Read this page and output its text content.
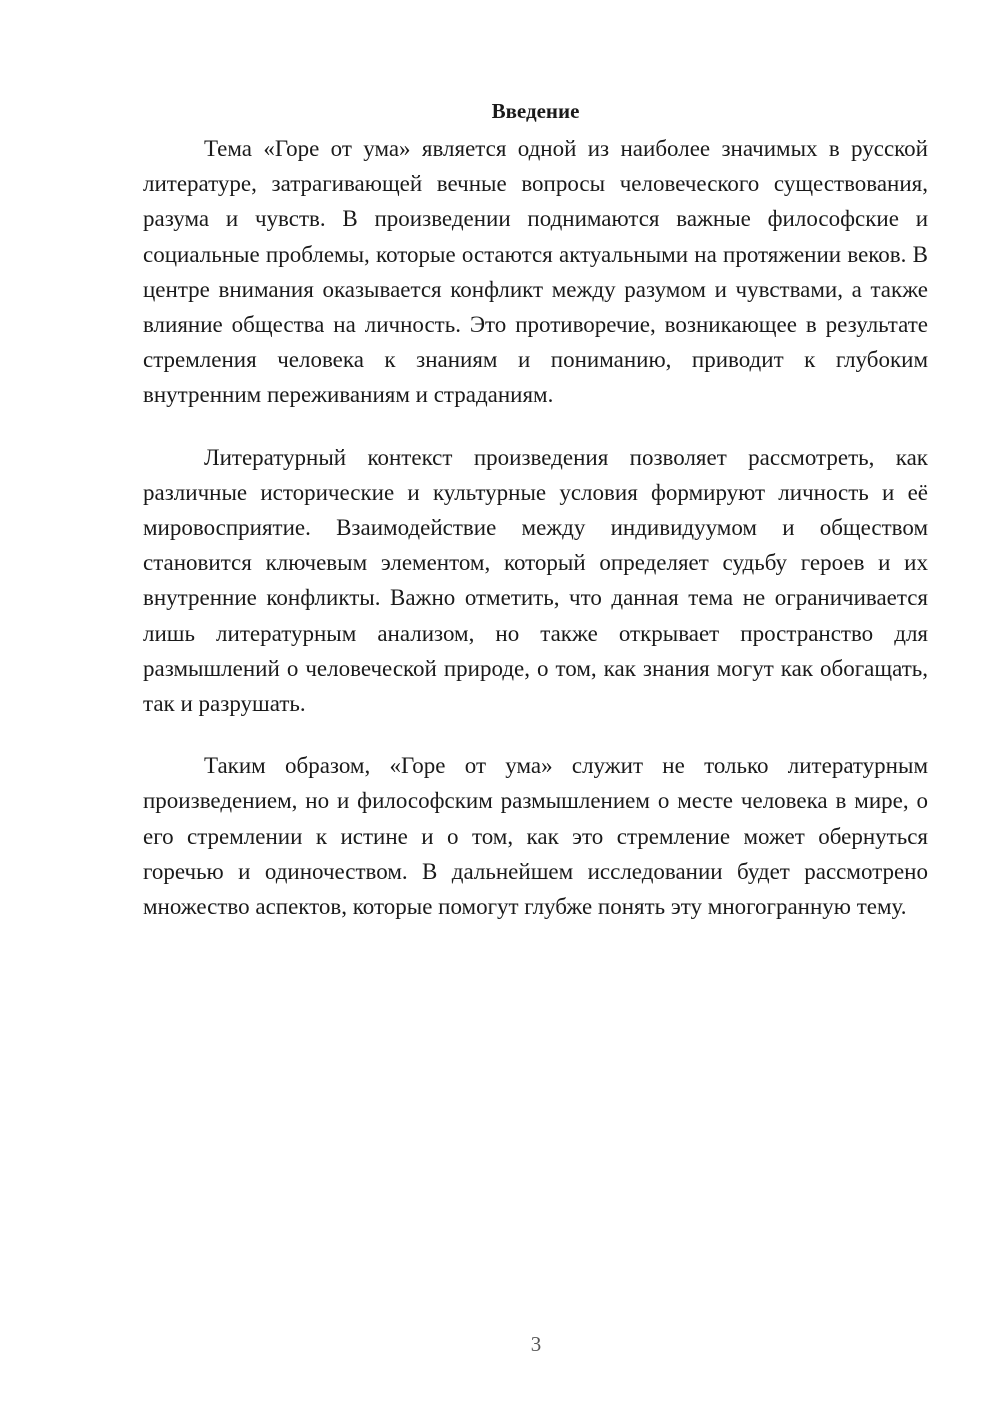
Введение

Тема «Горе от ума» является одной из наиболее значимых в русской литературе, затрагивающей вечные вопросы человеческого существования, разума и чувств. В произведении поднимаются важные философские и социальные проблемы, которые остаются актуальными на протяжении веков. В центре внимания оказывается конфликт между разумом и чувствами, а также влияние общества на личность. Это противоречие, возникающее в результате стремления человека к знаниям и пониманию, приводит к глубоким внутренним переживаниям и страданиям.

Литературный контекст произведения позволяет рассмотреть, как различные исторические и культурные условия формируют личность и её мировосприятие. Взаимодействие между индивидуумом и обществом становится ключевым элементом, который определяет судьбу героев и их внутренние конфликты. Важно отметить, что данная тема не ограничивается лишь литературным анализом, но также открывает пространство для размышлений о человеческой природе, о том, как знания могут как обогащать, так и разрушать.

Таким образом, «Горе от ума» служит не только литературным произведением, но и философским размышлением о месте человека в мире, о его стремлении к истине и о том, как это стремление может обернуться горечью и одиночеством. В дальнейшем исследовании будет рассмотрено множество аспектов, которые помогут глубже понять эту многогранную тему.

3
